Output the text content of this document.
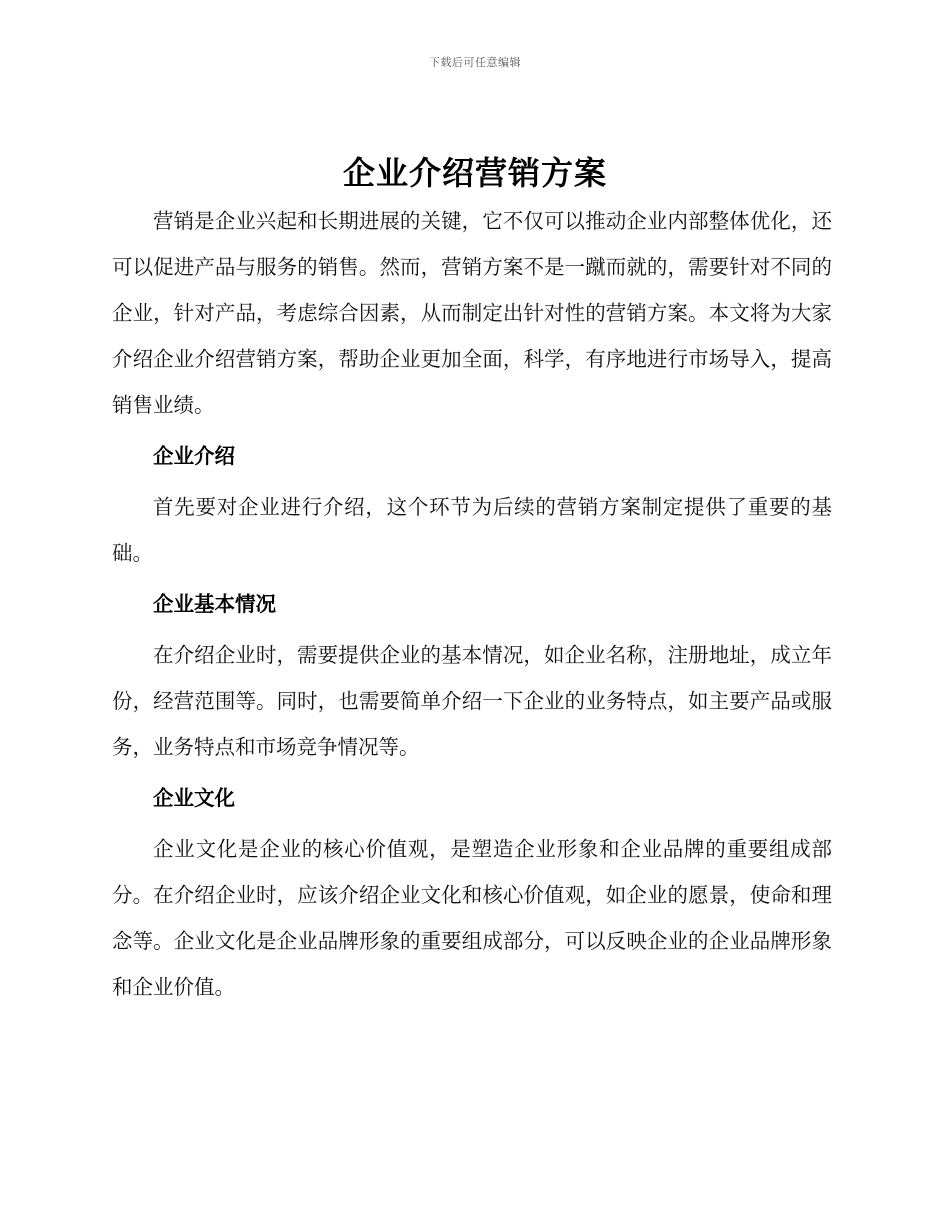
下载后可任意编辑
企业介绍营销方案

营销是企业兴起和长期进展的关键，它不仅可以推动企业内部整体优化，还可以促进产品与服务的销售。然而，营销方案不是一蹴而就的，需要针对不同的企业，针对产品，考虑综合因素，从而制定出针对性的营销方案。本文将为大家介绍企业介绍营销方案，帮助企业更加全面，科学，有序地进行市场导入，提高销售业绩。

企业介绍

首先要对企业进行介绍，这个环节为后续的营销方案制定提供了重要的基础。

企业基本情况

在介绍企业时，需要提供企业的基本情况，如企业名称，注册地址，成立年份，经营范围等。同时，也需要简单介绍一下企业的业务特点，如主要产品或服务，业务特点和市场竞争情况等。

企业文化

企业文化是企业的核心价值观，是塑造企业形象和企业品牌的重要组成部分。在介绍企业时，应该介绍企业文化和核心价值观，如企业的愿景，使命和理念等。企业文化是企业品牌形象的重要组成部分，可以反映企业的企业品牌形象和企业价值。
